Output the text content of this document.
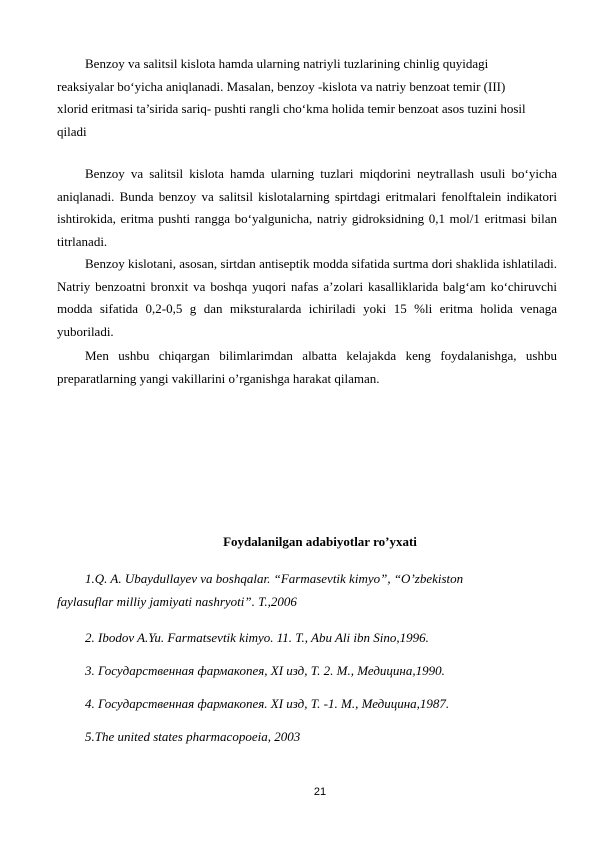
Benzoy va salitsil kislota hamda ularning natriyli tuzlarining chinlig quyidagi reaksiyalar bo‘yicha aniqlanadi. Masalan, benzoy -kislota va natriy benzoat temir (III) xlorid eritmasi ta’sirida sariq- pushti rangli cho‘kma holida temir benzoat asos tuzini hosil qiladi

Benzoy va salitsil kislota hamda ularning tuzlari miqdorini neytrallash usuli bo‘yicha aniqlanadi. Bunda benzoy va salitsil kislotalarning spirtdagi eritmalari fenolftalein indikatori ishtirokida, eritma pushti rangga bo‘yalgunicha, natriy gidroksidning 0,1 mol/1 eritmasi bilan titrlanadi.

Benzoy kislotani, asosan, sirtdan antiseptik modda sifatida surtma dori shaklida ishlatiladi. Natriy benzoatni bronxit va boshqa yuqori nafas a’zolari kasalliklarida balg‘am ko‘chiruvchi modda sifatida 0,2-0,5 g dan miksturalarda ichiriladi yoki 15 %li eritma holida venaga yuboriladi.

Men ushbu chiqargan bilimlarimdan albatta kelajakda keng foydalanishga, ushbu preparatlarning yangi vakillarini o’rganishga harakat qilaman.

Foydalanilgan adabiyotlar ro’yxati

1.Q. A. Ubaydullayev va boshqalar. “Farmasevtik kimyo”, “O’zbekiston faylasuflar milliy jamiyati nashryoti”. T.,2006

2. Ibodov A.Yu. Farmatsevtik kimyo. 11. T., Abu Ali ibn Sino,1996.

3. Государственная фармакопея, XI изд, Т. 2. М., Медицина,1990.

4. Государственная фармакопея. XI изд, Т. -1. М., Медицина,1987.

5.The united states pharmacopoeia, 2003

21
